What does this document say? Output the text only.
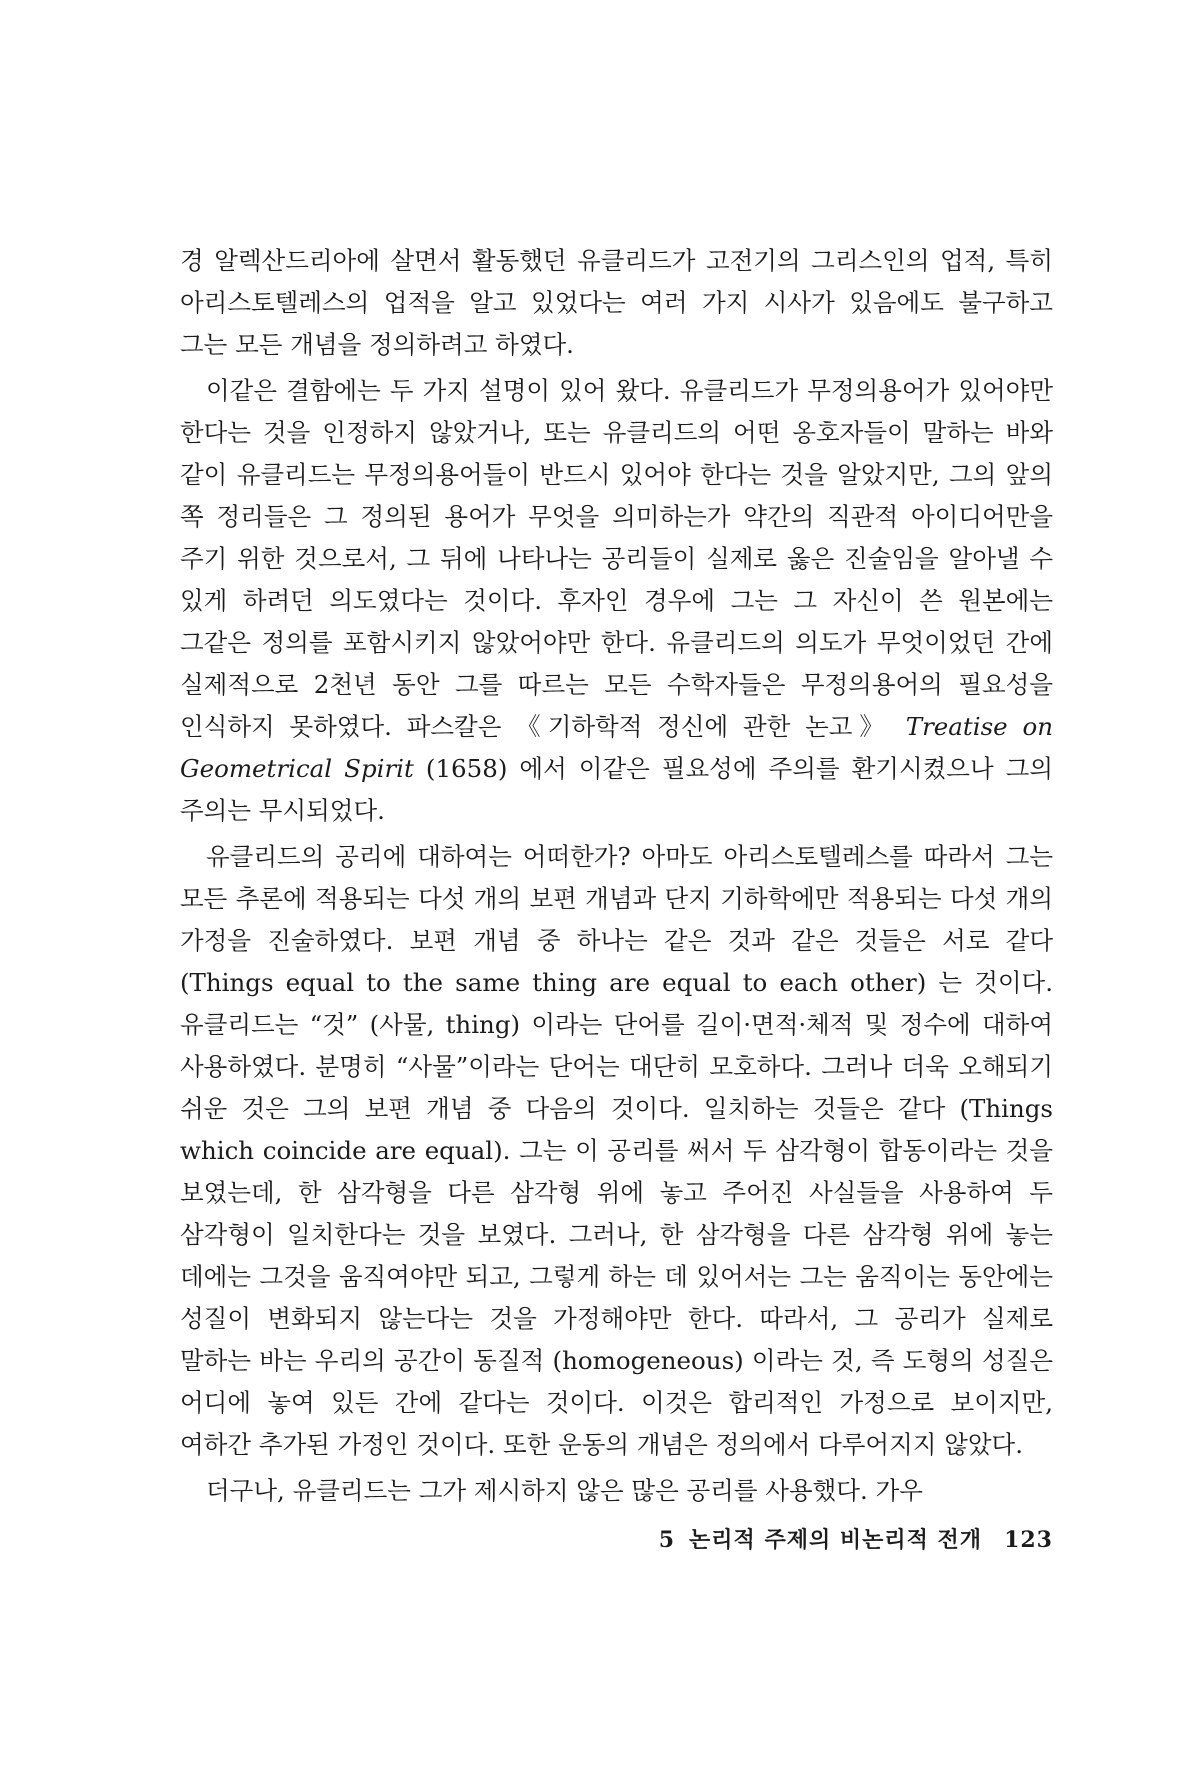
경 알렉산드리아에 살면서 활동했던 유클리드가 고전기의 그리스인의 업적, 특히 아리스토텔레스의 업적을 알고 있었다는 여러 가지 시사가 있음에도 불구하고 그는 모든 개념을 정의하려고 하였다.

이같은 결함에는 두 가지 설명이 있어 왔다. 유클리드가 무정의용어가 있어야만 한다는 것을 인정하지 않았거나, 또는 유클리드의 어떤 옹호자들이 말하는 바와 같이 유클리드는 무정의용어들이 반드시 있어야 한다는 것을 알았지만, 그의 앞의 쪽 정리들은 그 정의된 용어가 무엇을 의미하는가 약간의 직관적 아이디어만을 주기 위한 것으로서, 그 뒤에 나타나는 공리들이 실제로 옳은 진술임을 알아낼 수 있게 하려던 의도였다는 것이다. 후자인 경우에 그는 그 자신이 쓴 원본에는 그같은 정의를 포함시키지 않았어야만 한다. 유클리드의 의도가 무엇이었던 간에 실제적으로 2천년 동안 그를 따르는 모든 수학자들은 무정의용어의 필요성을 인식하지 못하였다. 파스칼은 《기하학적 정신에 관한 논고》 Treatise on Geometrical Spirit (1658) 에서 이같은 필요성에 주의를 환기시켰으나 그의 주의는 무시되었다.

유클리드의 공리에 대하여는 어떠한가? 아마도 아리스토텔레스를 따라서 그는 모든 추론에 적용되는 다섯 개의 보편 개념과 단지 기하학에만 적용되는 다섯 개의 가정을 진술하였다. 보편 개념 중 하나는 같은 것과 같은 것들은 서로 같다 (Things equal to the same thing are equal to each other) 는 것이다. 유클리드는 “것” (사물, thing) 이라는 단어를 길이·면적·체적 및 정수에 대하여 사용하였다. 분명히 “사물”이라는 단어는 대단히 모호하다. 그러나 더욱 오해되기 쉬운 것은 그의 보편 개념 중 다음의 것이다. 일치하는 것들은 같다 (Things which coincide are equal). 그는 이 공리를 써서 두 삼각형이 합동이라는 것을 보였는데, 한 삼각형을 다른 삼각형 위에 놓고 주어진 사실들을 사용하여 두 삼각형이 일치한다는 것을 보였다. 그러나, 한 삼각형을 다른 삼각형 위에 놓는 데에는 그것을 움직여야만 되고, 그렇게 하는 데 있어서는 그는 움직이는 동안에는 성질이 변화되지 않는다는 것을 가정해야만 한다. 따라서, 그 공리가 실제로 말하는 바는 우리의 공간이 동질적 (homogeneous) 이라는 것, 즉 도형의 성질은 어디에 놓여 있든 간에 같다는 것이다. 이것은 합리적인 가정으로 보이지만, 여하간 추가된 가정인 것이다. 또한 운동의 개념은 정의에서 다루어지지 않았다.

더구나, 유클리드는 그가 제시하지 않은 많은 공리를 사용했다. 가우

5 논리적 주제의 비논리적 전개 123
